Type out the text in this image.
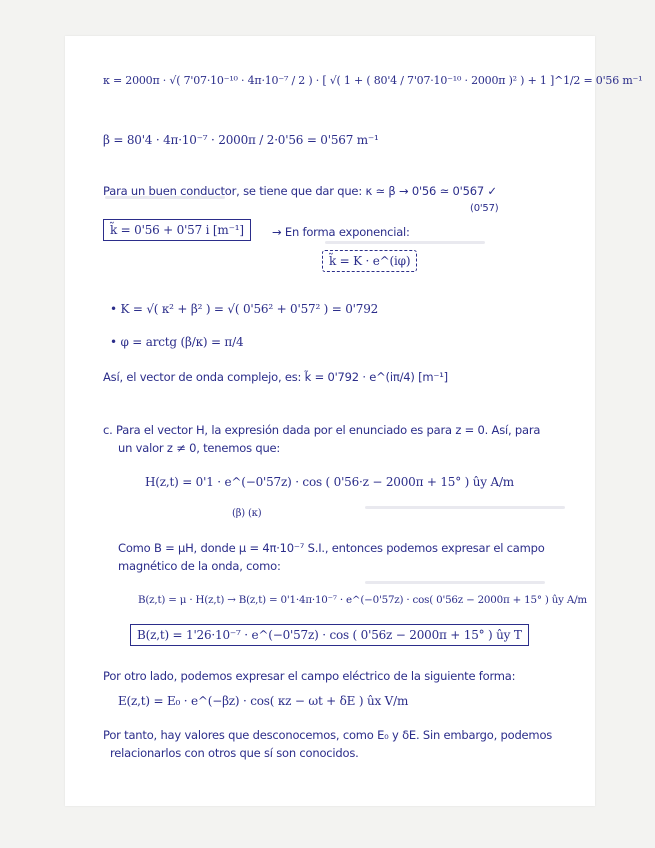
κ = 2000π · √( 7'07·10⁻¹⁰ · 4π·10⁻⁷ / 2 ) · [ √( 1 + ( 80'4 / 7'07·10⁻¹⁰ · 2000π )² ) + 1 ]^1/2 = 0'56 m⁻¹
β = 80'4 · 4π·10⁻⁷ · 2000π / 2·0'56 = 0'567 m⁻¹
Para un buen conductor, se tiene que dar que: κ ≃ β → 0'56 ≃ 0'567 ✓
(0'57)
k̃ = 0'56 + 0'57 i [m⁻¹]	→ En forma exponencial:
k̃ = K · e^(iφ)
• K = √( κ² + β² ) = √( 0'56² + 0'57² ) = 0'792
• φ = arctg (β/κ) = π/4
Así, el vector de onda complejo, es: k̃ = 0'792 · e^(iπ/4) [m⁻¹]
c. Para el vector H, la expresión dada por el enunciado es para z = 0. Así, para
un valor z ≠ 0, tenemos que:
H(z,t) = 0'1 · e^(−0'57z) · cos ( 0'56·z − 2000π + 15° ) ûy A/m
(β) (κ)
Como B = μH, donde μ = 4π·10⁻⁷ S.I., entonces podemos expresar el campo
magnético de la onda, como:
B(z,t) = μ · H(z,t) → B(z,t) = 0'1·4π·10⁻⁷ · e^(−0'57z) · cos( 0'56z − 2000π + 15° ) ûy A/m
B(z,t) = 1'26·10⁻⁷ · e^(−0'57z) · cos ( 0'56z − 2000π + 15° ) ûy T
Por otro lado, podemos expresar el campo eléctrico de la siguiente forma:
E(z,t) = E₀ · e^(−βz) · cos( κz − ωt + δE ) ûx V/m
Por tanto, hay valores que desconocemos, como E₀ y δE. Sin embargo, podemos
relacionarlos con otros que sí son conocidos.
